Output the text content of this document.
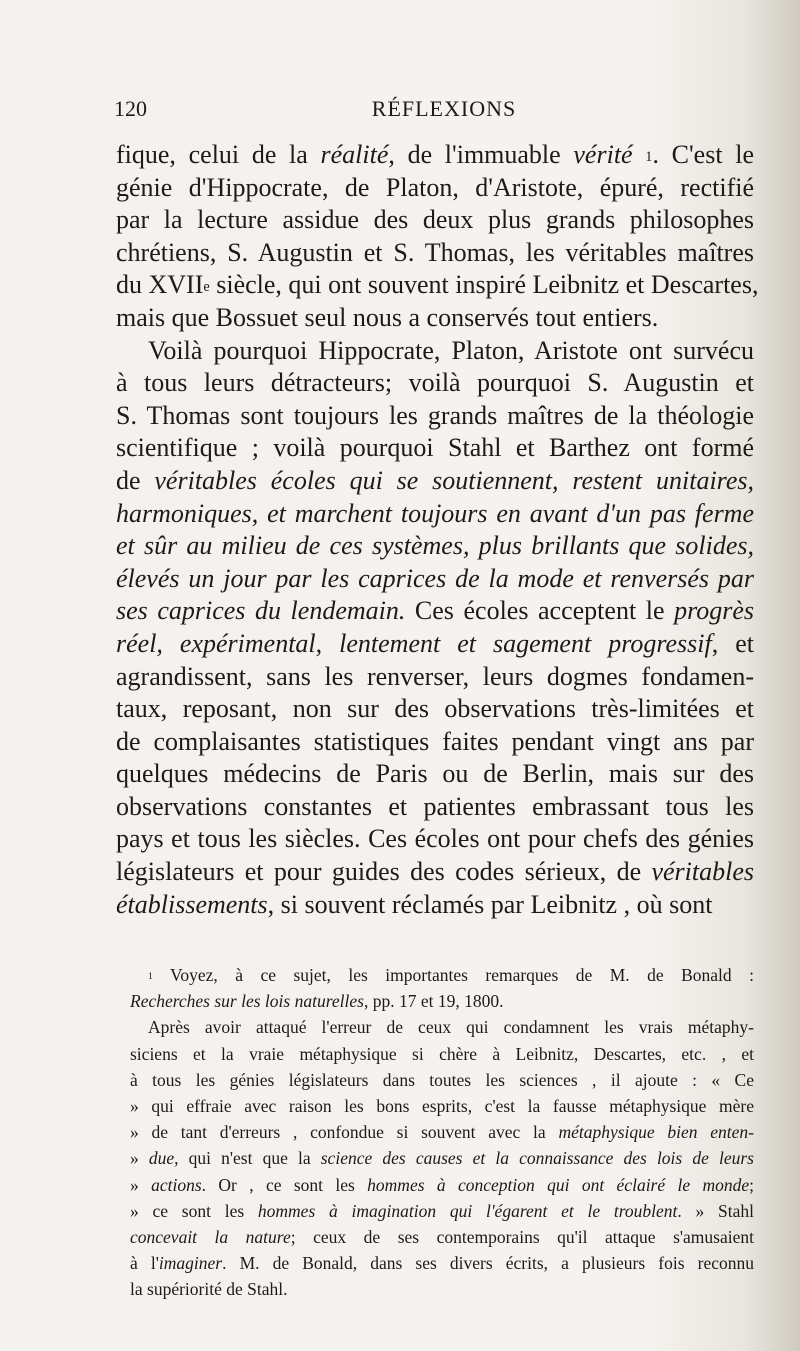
120	RÉFLEXIONS
fique, celui de la réalité, de l'immuable vérité $^1$. C'est le
génie d'Hippocrate, de Platon, d'Aristote, épuré, rectifié
par la lecture assidue des deux plus grands philosophes
chrétiens, S. Augustin et S. Thomas, les véritables maîtres
du XVIIe siècle, qui ont souvent inspiré Leibnitz et Descartes,
mais que Bossuet seul nous a conservés tout entiers.
Voilà pourquoi Hippocrate, Platon, Aristote ont survécu
à tous leurs détracteurs; voilà pourquoi S. Augustin et
S. Thomas sont toujours les grands maîtres de la théologie
scientifique ; voilà pourquoi Stahl et Barthez ont formé
de véritables écoles qui se soutiennent, restent unitaires,
harmoniques, et marchent toujours en avant d'un pas ferme
et sûr au milieu de ces systèmes, plus brillants que solides,
élevés un jour par les caprices de la mode et renversés par
ses caprices du lendemain. Ces écoles acceptent le progrès
réel, expérimental, lentement et sagement progressif, et
agrandissent, sans les renverser, leurs dogmes fondamen-
taux, reposant, non sur des observations très-limitées et
de complaisantes statistiques faites pendant vingt ans par
quelques médecins de Paris ou de Berlin, mais sur des
observations constantes et patientes embrassant tous les
pays et tous les siècles. Ces écoles ont pour chefs des génies
législateurs et pour guides des codes sérieux, de véritables
établissements, si souvent réclamés par Leibnitz , où sont
$^1$ Voyez, à ce sujet, les importantes remarques de M. de Bonald :
Recherches sur les lois naturelles, pp. 17 et 19, 1800.
Après avoir attaqué l'erreur de ceux qui condamnent les vrais métaphy-
siciens et la vraie métaphysique si chère à Leibnitz, Descartes, etc. , et
à tous les génies législateurs dans toutes les sciences , il ajoute : « Ce
» qui effraie avec raison les bons esprits, c'est la fausse métaphysique mère
» de tant d'erreurs , confondue si souvent avec la métaphysique bien enten-
» due, qui n'est que la science des causes et la connaissance des lois de leurs
» actions. Or , ce sont les hommes à conception qui ont éclairé le monde;
» ce sont les hommes à imagination qui l'égarent et le troublent. » Stahl
concevait la nature; ceux de ses contemporains qu'il attaque s'amusaient
à l'imaginer. M. de Bonald, dans ses divers écrits, a plusieurs fois reconnu
la supériorité de Stahl.
